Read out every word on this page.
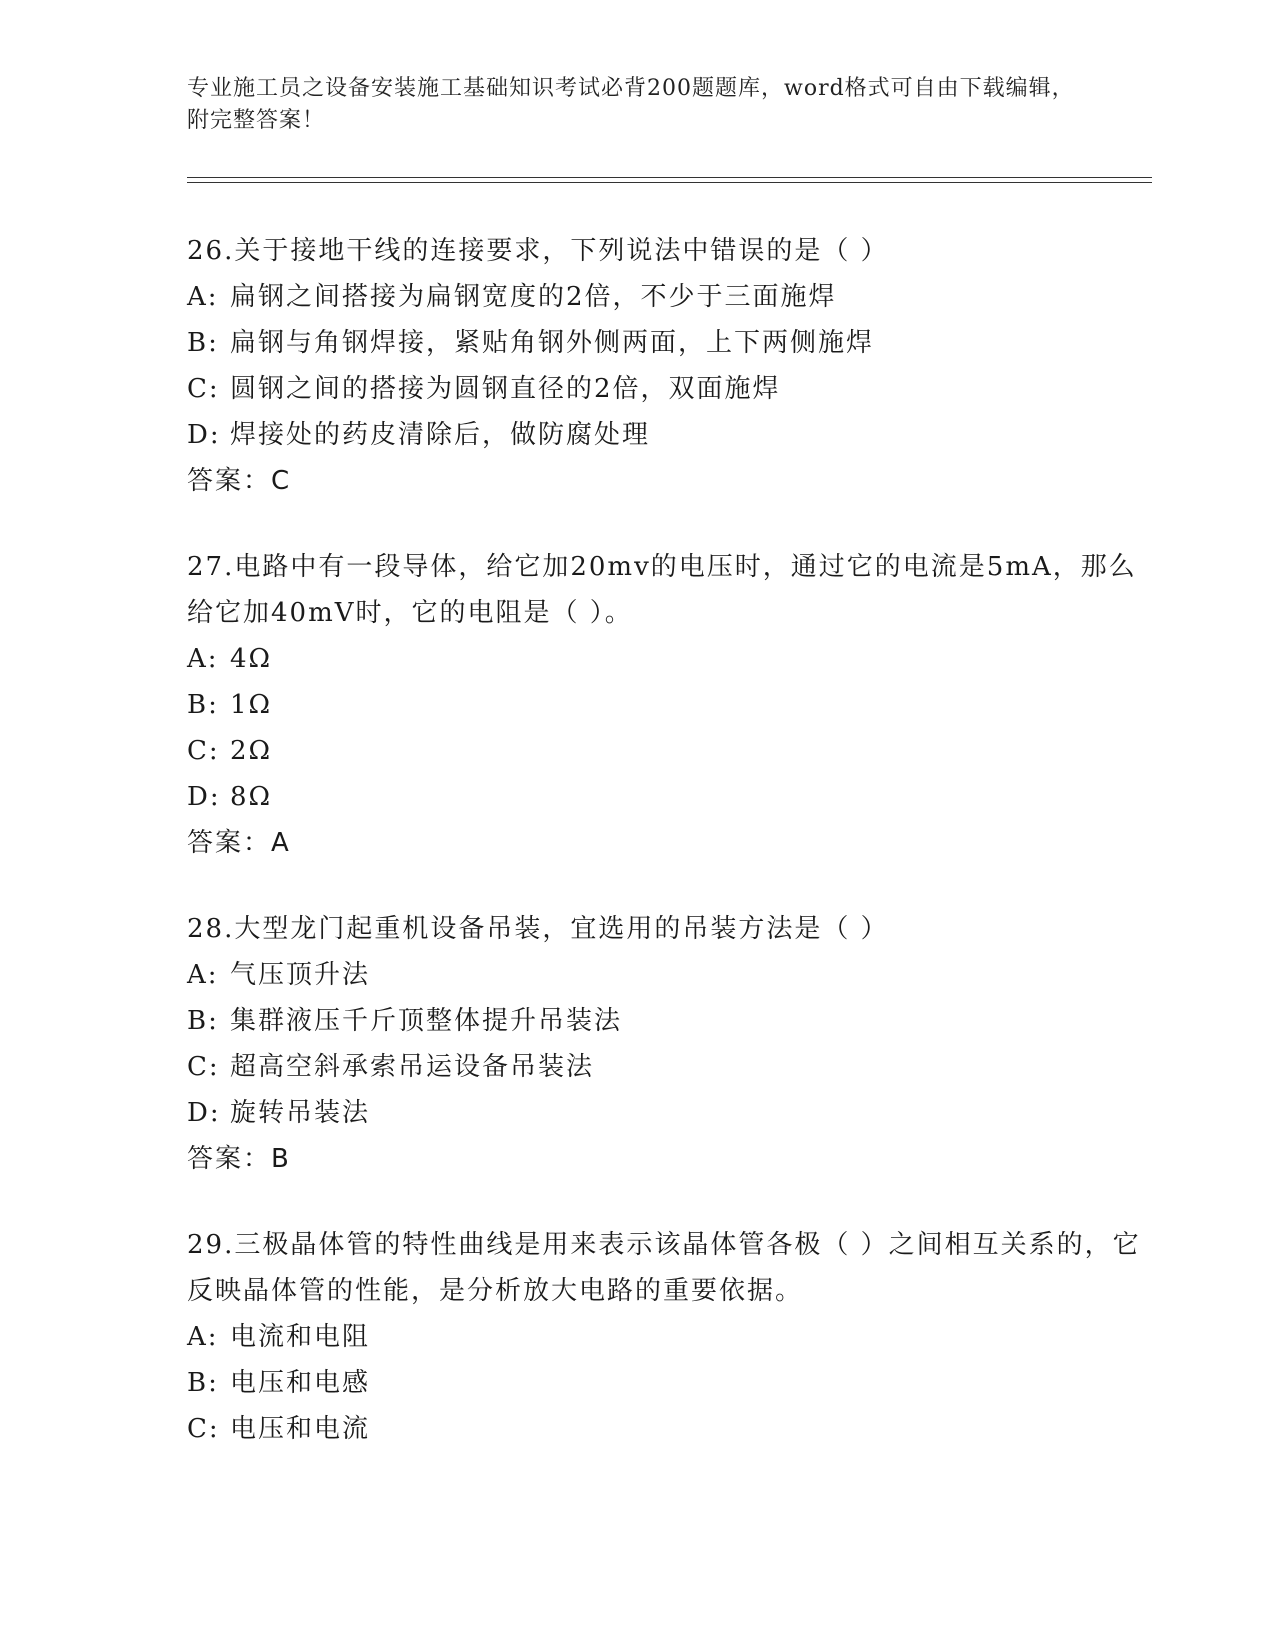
专业施工员之设备安装施工基础知识考试必背200题题库，word格式可自由下载编辑，附完整答案！
26.关于接地干线的连接要求，下列说法中错误的是（ ）
A: 扁钢之间搭接为扁钢宽度的2倍，不少于三面施焊
B: 扁钢与角钢焊接，紧贴角钢外侧两面，上下两侧施焊
C: 圆钢之间的搭接为圆钢直径的2倍，双面施焊
D: 焊接处的药皮清除后，做防腐处理
答案：C
27.电路中有一段导体，给它加20mv的电压时，通过它的电流是5mA，那么给它加40mV时，它的电阻是（ ）。
A: 4Ω
B: 1Ω
C: 2Ω
D: 8Ω
答案：A
28.大型龙门起重机设备吊装，宜选用的吊装方法是（ ）
A: 气压顶升法
B: 集群液压千斤顶整体提升吊装法
C: 超高空斜承索吊运设备吊装法
D: 旋转吊装法
答案：B
29.三极晶体管的特性曲线是用来表示该晶体管各极（ ）之间相互关系的，它反映晶体管的性能，是分析放大电路的重要依据。
A: 电流和电阻
B: 电压和电感
C: 电压和电流
